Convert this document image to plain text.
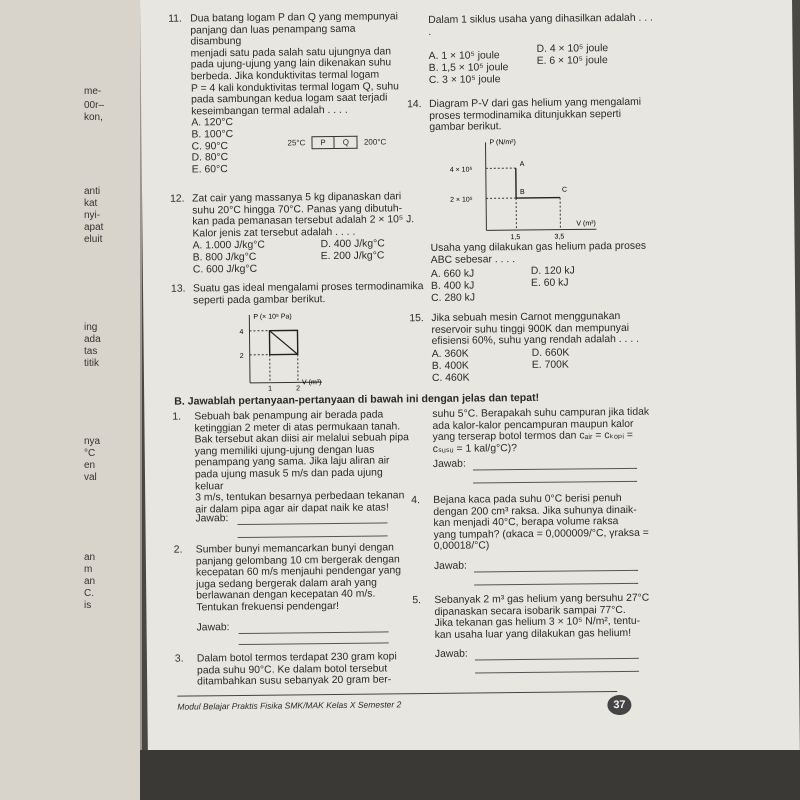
me-
00r–
kon,
anti
kat
nyi-
apat
eluit
ing
ada
tas
titik
nya
°C
en
val
an
m
an
C.
is
11. Dua batang logam P dan Q yang mempunyai
panjang dan luas penampang sama disambung
menjadi satu pada salah satu ujungnya dan
pada ujung-ujung yang lain dikenakan suhu
berbeda. Jika konduktivitas termal logam
P = 4 kali konduktivitas termal logam Q, suhu
pada sambungan kedua logam saat terjadi
keseimbangan termal adalah . . . .
A. 120°C
B. 100°C
C. 90°C
D. 80°C
E. 60°C
25°C P Q 200°C
12. Zat cair yang massanya 5 kg dipanaskan dari
suhu 20°C hingga 70°C. Panas yang dibutuh-
kan pada pemanasan tersebut adalah 2 × 10⁵ J.
Kalor jenis zat tersebut adalah . . . .
A. 1.000 J/kg°C
B. 800 J/kg°C
C. 600 J/kg°C
D. 400 J/kg°C
E. 200 J/kg°C
13. Suatu gas ideal mengalami proses termodinamika
seperti pada gambar berikut.
P (× 10⁵ Pa)
V (m³)
4
2
1	2
Dalam 1 siklus usaha yang dihasilkan adalah . . . .
A. 1 × 10⁵ joule
B. 1,5 × 10⁵ joule
C. 3 × 10⁵ joule
D. 4 × 10⁵ joule
E. 6 × 10⁵ joule
14. Diagram P-V dari gas helium yang mengalami
proses termodinamika ditunjukkan seperti
gambar berikut.
P (N/m²)
V (m³)
4 × 10⁵
2 × 10⁵
1,5	3,5
A
B	C
Usaha yang dilakukan gas helium pada proses
ABC sebesar . . . .
A. 660 kJ
B. 400 kJ
C. 280 kJ
D. 120 kJ
E. 60 kJ
15. Jika sebuah mesin Carnot menggunakan
reservoir suhu tinggi 900K dan mempunyai
efisiensi 60%, suhu yang rendah adalah . . . .
A. 360K
B. 400K
C. 460K
D. 660K
E. 700K
B. Jawablah pertanyaan-pertanyaan di bawah ini dengan jelas dan tepat!
1.	Sebuah bak penampung air berada pada
ketinggian 2 meter di atas permukaan tanah.
Bak tersebut akan diisi air melalui sebuah pipa
yang memiliki ujung-ujung dengan luas
penampang yang sama. Jika laju aliran air
pada ujung masuk 5 m/s dan pada ujung keluar
3 m/s, tentukan besarnya perbedaan tekanan
air dalam pipa agar air dapat naik ke atas!
Jawab:
2.	Sumber bunyi memancarkan bunyi dengan
panjang gelombang 10 cm bergerak dengan
kecepatan 60 m/s menjauhi pendengar yang
juga sedang bergerak dalam arah yang
berlawanan dengan kecepatan 40 m/s.
Tentukan frekuensi pendengar!
Jawab:
3.	Dalam botol termos terdapat 230 gram kopi
pada suhu 90°C. Ke dalam botol tersebut
ditambahkan susu sebanyak 20 gram ber-
suhu 5°C. Berapakah suhu campuran jika tidak
ada kalor-kalor pencampuran maupun kalor
yang terserap botol termos dan cₐᵢᵣ = cₖₒₚᵢ =
cₛᵤₛᵤ = 1 kal/g°C)?
Jawab:
4.	Bejana kaca pada suhu 0°C berisi penuh
dengan 200 cm³ raksa. Jika suhunya dinaik-
kan menjadi 40°C, berapa volume raksa
yang tumpah? (αkaca = 0,000009/°C, γraksa =
0,00018/°C)
Jawab:
5.	Sebanyak 2 m³ gas helium yang bersuhu 27°C
dipanaskan secara isobarik sampai 77°C.
Jika tekanan gas helium 3 × 10⁵ N/m², tentu-
kan usaha luar yang dilakukan gas helium!
Jawab:
Modul Belajar Praktis Fisika SMK/MAK Kelas X Semester 2	37
